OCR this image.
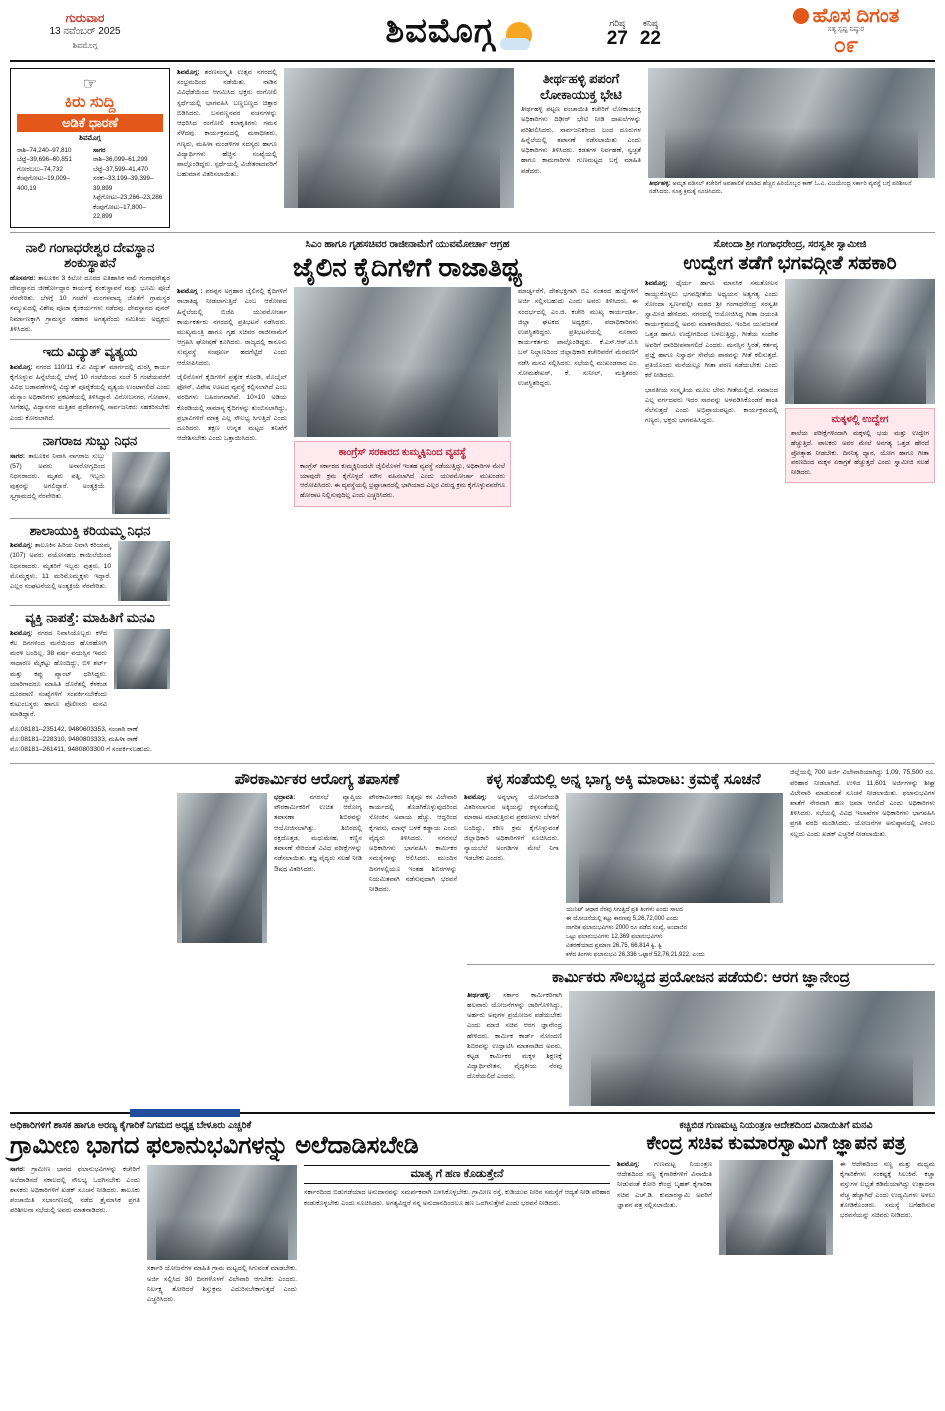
ಗುರುವಾರ
13 ನವೆಂಬರ್ 2025
ಶಿವಮೊಗ್ಗ	ಶಿವಮೊಗ್ಗ	ಗರಿಷ್ಠ
27
ಕನಿಷ್ಠ
22
ಹೊಸ ದಿಗಂತ
ಸತ್ಯ ಸ್ಪಷ್ಟ ನಿಷ್ಠುರ
೦೯
☞
ಕಿರು ಸುದ್ದಿ
ಅಡಿಕೆ ಧಾರಣೆ
ಶಿವಮೊಗ್ಗ
ರಾಶಿ–74,240–97,810
ಬೆಟ್ಟೆ–39,696–60,851
ಗೋರಬಲು–74,732
ಕೆಂಪುಗೋಟು–19,009–400,19
ಸಾಗರ
ರಾಶಿ–36,099–61,299
ಬೆಟ್ಟೆ–37,599–41,470
ಸರಕು–33,199–39,399–39,899
ಸಿಪ್ಪೆಗೋಟು–23,266–23,286
ಕೆಂಪುಗೋಟು–17,800–22,899

ಶಿವಮೊಗ್ಗ: ಶರಣಸಂಸ್ಕೃತಿ ಉತ್ಸವ ನಗರದಲ್ಲಿ ಸಂಭ್ರಮದಿಂದ ನಡೆಯಿತು. ನಾಡಿನ ವಿವಿಧೆಡೆಯಿಂದ ಆಗಮಿಸಿದ ಭಕ್ತರು ರಂಗೋಲಿ ಸ್ಪರ್ಧೆಯಲ್ಲಿ ಭಾಗವಹಿಸಿ ಬಣ್ಣಬಣ್ಣದ ಚಿತ್ತಾರ ಬಿಡಿಸಿದರು. ಬಸವಣ್ಣನವರ ವಚನಗಳನ್ನು ಆಧರಿಸಿದ ರಂಗೋಲಿ ಕಲಾಕೃತಿಗಳು ಗಮನ ಸೆಳೆದವು. ಕಾರ್ಯಕ್ರಮದಲ್ಲಿ ಮಠಾಧೀಶರು, ಗಣ್ಯರು, ಮಹಿಳಾ ಮಂಡಳಿಗಳ ಸದಸ್ಯರು ಹಾಗೂ ವಿದ್ಯಾರ್ಥಿಗಳು ಹೆಚ್ಚಿನ ಸಂಖ್ಯೆಯಲ್ಲಿ ಪಾಲ್ಗೊಂಡಿದ್ದರು. ಸ್ಪರ್ಧೆಯಲ್ಲಿ ವಿಜೇತರಾದವರಿಗೆ ಬಹುಮಾನ ವಿತರಿಸಲಾಯಿತು.

ತೀರ್ಥಹಳ್ಳಿ ಪಪಂಗೆ ಲೋಕಾಯುಕ್ತ ಭೇಟಿ

ತೀರ್ಥಹಳ್ಳಿ ಪಟ್ಟಣ ಪಂಚಾಯಿತಿ ಕಚೇರಿಗೆ ಲೋಕಾಯುಕ್ತ ಅಧಿಕಾರಿಗಳು ದಿಢೀರ್ ಭೇಟಿ ನೀಡಿ ದಾಖಲೆಗಳನ್ನು ಪರಿಶೀಲಿಸಿದರು. ಸಾರ್ವಜನಿಕರಿಂದ ಬಂದ ದೂರುಗಳ ಹಿನ್ನೆಲೆಯಲ್ಲಿ ತಪಾಸಣೆ ನಡೆಸಲಾಯಿತು ಎಂದು ಅಧಿಕಾರಿಗಳು ತಿಳಿಸಿದರು. ಕಡತಗಳ ನಿರ್ವಹಣೆ, ಸ್ವಚ್ಛತೆ ಹಾಗೂ ಕಾಮಗಾರಿಗಳ ಗುಣಮಟ್ಟದ ಬಗ್ಗೆ ಮಾಹಿತಿ ಪಡೆದರು.

ತೀರ್ಥಹಳ್ಳಿ: ಅಮೃತ ಪಡಿಸಲ್ ಕಚೇರಿಗೆ ಅವಹಾಲಿಕೆ ಮಾಡಿದ ಹೆಚ್ಚಿನ ಹಿರಿಯೊಬ್ಬರ ಕಾಣ್ ಓ.ವಿ. ವಿಜಯೇಂದ್ರ ಸರ್ಕಾರಿ ವ್ಯವಸ್ಥೆ ಬಗ್ಗೆ ಪರಿಶೀಲನೆ ನಡೆಸಿದರು. ಸೂಕ್ತ ಕ್ರಮಕ್ಕೆ ಸೂಚಿಸಿದರು.
ನಾಲಿ ಗಂಗಾಧರೇಶ್ವರ ದೇವಸ್ಥಾನ ಶಂಕುಸ್ಥಾಪನೆ

ಹೊಸನಗರ: ತಾಲೂಕಿನ 3 ಕಿಲೋ ದೂರದ ಐತಿಹಾಸಿಕ ನಾಲಿ ಗಂಗಾಧರೇಶ್ವರ ದೇವಸ್ಥಾನದ ಜೀರ್ಣೋದ್ಧಾರ ಕಾರ್ಯಕ್ಕೆ ಶಂಕುಸ್ಥಾಪನೆ ಮತ್ತು ಭೂಮಿ ಪೂಜೆ ನೆರವೇರಿತು. ಬೆಳಗ್ಗೆ 10 ಗಂಟೆಗೆ ಮಂಗಳವಾದ್ಯ ಜೊತೆಗೆ ಗ್ರಾಮಸ್ಥರ ಸಮ್ಮುಖದಲ್ಲಿ ವಿಶೇಷ ಪೂಜಾ ಕೈಂಕರ್ಯಗಳು ನಡೆದವು. ದೇವಸ್ಥಾನದ ಪುನರ್ ನಿರ್ಮಾಣಕ್ಕಾಗಿ ಗ್ರಾಮಸ್ಥರ ಸಹಕಾರ ಅಗತ್ಯವೆಂದು ಸಮಿತಿಯ ಅಧ್ಯಕ್ಷರು ತಿಳಿಸಿದರು.

ಇದು ವಿದ್ಯುತ್ ವ್ಯತ್ಯಯ

ಶಿವಮೊಗ್ಗ: ನಗರದ 110/11 ಕೆ.ವಿ ವಿದ್ಯುತ್ ಮಾರ್ಗದಲ್ಲಿ ದುರಸ್ತಿ ಕಾರ್ಯ ಕೈಗೊಳ್ಳುವ ಹಿನ್ನೆಲೆಯಲ್ಲಿ ಬೆಳಗ್ಗೆ 10 ಗಂಟೆಯಿಂದ ಸಂಜೆ 5 ಗಂಟೆಯವರೆಗೆ ವಿವಿಧ ಬಡಾವಣೆಗಳಲ್ಲಿ ವಿದ್ಯುತ್ ಪೂರೈಕೆಯಲ್ಲಿ ವ್ಯತ್ಯಯ ಉಂಟಾಗಲಿದೆ ಎಂದು ಮೆಸ್ಕಾಂ ಅಧಿಕಾರಿಗಳು ಪ್ರಕಟಣೆಯಲ್ಲಿ ತಿಳಿಸಿದ್ದಾರೆ. ವಿನೋಬನಗರ, ಗೋಪಾಳ, ಸೀಗೆಹಟ್ಟಿ, ವಿದ್ಯಾನಗರ ಮತ್ತಿತರ ಪ್ರದೇಶಗಳಲ್ಲಿ ಸಾರ್ವಜನಿಕರು ಸಹಕರಿಸಬೇಕು ಎಂದು ಕೋರಲಾಗಿದೆ.

ನಾಗರಾಜ ಸುಬ್ಬು ನಿಧನ

ಸಾಗರ: ತಾಲೂಕಿನ ನಿವಾಸಿ ನಾಗರಾಜ ಸುಬ್ಬು (57) ಅವರು ಅನಾರೋಗ್ಯದಿಂದ ನಿಧನರಾದರು. ಮೃತರು ಪತ್ನಿ, ಇಬ್ಬರು ಪುತ್ರರನ್ನು ಅಗಲಿದ್ದಾರೆ. ಅಂತ್ಯಕ್ರಿಯೆ ಸ್ವಗ್ರಾಮದಲ್ಲಿ ನೆರವೇರಿತು.

ಶಾಲಾಯುಕ್ತಿ ಕರಿಯಮ್ಮ ನಿಧನ

ಶಿವಮೊಗ್ಗ: ತಾಲೂಕಿನ ಹಿರಿಯ ನಿವಾಸಿ ಕರಿಯಮ್ಮ (107) ಅವರು ವಯೋಸಹಜ ಕಾಯಿಲೆಯಿಂದ ನಿಧನರಾದರು. ಮೃತರಿಗೆ ಇಬ್ಬರು ಪುತ್ರರು, 10 ಮೊಮ್ಮಕ್ಕಳು, 11 ಮರಿಮೊಮ್ಮಕ್ಕಳು ಇದ್ದಾರೆ. ಎಲ್ಲರ ಸಂಘಟನೆಯಲ್ಲಿ ಅಂತ್ಯಕ್ರಿಯೆ ನೆರವೇರಿತು.

ವ್ಯಕ್ತಿ ನಾಪತ್ತೆ: ಮಾಹಿತಿಗೆ ಮನವಿ

ಶಿವಮೊಗ್ಗ: ನಗರದ ನಿವಾಸಿಯೊಬ್ಬರು ಕಳೆದ ಕೆಲ ದಿನಗಳಿಂದ ಮನೆಯಿಂದ ಹೊರಹೋಗಿ ಮರಳಿ ಬಂದಿಲ್ಲ. 38 ವರ್ಷ ವಯಸ್ಸಿನ ಇವರು ಸಾಧಾರಣ ಮೈಕಟ್ಟು ಹೊಂದಿದ್ದು, ಬಿಳಿ ಶರ್ಟ್ ಮತ್ತು ಕಪ್ಪು ಪ್ಯಾಂಟ್ ಧರಿಸಿದ್ದರು. ಯಾರಿಗಾದರೂ ಮಾಹಿತಿ ದೊರೆತಲ್ಲಿ ಕೆಳಕಂಡ ದೂರವಾಣಿ ಸಂಖ್ಯೆಗಳಿಗೆ ಸಂಪರ್ಕಿಸಬೇಕೆಂದು ಕುಟುಂಬಸ್ಥರು ಹಾಗೂ ಪೊಲೀಸರು ಮನವಿ ಮಾಡಿದ್ದಾರೆ.

ಮೊ:08181–235142, 9480603353, ಸಂಚಾರಿ ಠಾಣೆ
ಮೊ:08181–228310, 9480803333, ಮಹಿಳಾ ಠಾಣೆ
ಮೊ:08181–261411, 9480803300 ಗೆ ಸಂಪರ್ಕಿಸಬಹುದು.

ಸಿಎಂ ಹಾಗೂ ಗೃಹಸಚಿವರ ರಾಜೀನಾಮೆಗೆ ಯುವಮೋರ್ಚಾ ಆಗ್ರಹ
ಜೈಲಿನ ಕೈದಿಗಳಿಗೆ ರಾಜಾತಿಥ್ಯ

ಶಿವಮೊಗ್ಗ : ಪರಪ್ಪನ ಅಗ್ರಹಾರ ಜೈಲಿನಲ್ಲಿ ಕೈದಿಗಳಿಗೆ ರಾಜಾತಿಥ್ಯ ನೀಡಲಾಗುತ್ತಿದೆ ಎಂಬ ಆರೋಪದ ಹಿನ್ನೆಲೆಯಲ್ಲಿ ಬಿಜೆಪಿ ಯುವಮೋರ್ಚಾ ಕಾರ್ಯಕರ್ತರು ನಗರದಲ್ಲಿ ಪ್ರತಿಭಟನೆ ನಡೆಸಿದರು. ಮುಖ್ಯಮಂತ್ರಿ ಹಾಗೂ ಗೃಹ ಸಚಿವರ ರಾಜೀನಾಮೆಗೆ ಆಗ್ರಹಿಸಿ ಘೋಷಣೆ ಕೂಗಿದರು. ರಾಜ್ಯದಲ್ಲಿ ಕಾನೂನು ಸುವ್ಯವಸ್ಥೆ ಸಂಪೂರ್ಣ ಹದಗೆಟ್ಟಿದೆ ಎಂದು ಆರೋಪಿಸಿದರು.

ಜೈಲಿನೊಳಗೆ ಕೈದಿಗಳಿಗೆ ಪ್ರತ್ಯೇಕ ಕೊಠಡಿ, ಮೊಬೈಲ್ ಫೋನ್, ವಿಶೇಷ ಊಟದ ವ್ಯವಸ್ಥೆ ಕಲ್ಪಿಸಲಾಗಿದೆ ಎಂಬ ವರದಿಗಳು ಬಹಿರಂಗವಾಗಿವೆ. 10×10 ಅಡಿಯ ಕೊಠಡಿಯಲ್ಲಿ ಸಾಮಾನ್ಯ ಕೈದಿಗಳನ್ನು ತುಂಬಿಸಲಾಗಿದ್ದು, ಪ್ರಭಾವಿಗಳಿಗೆ ಮಾತ್ರ ಎಲ್ಲ ಸೌಲಭ್ಯ ಸಿಗುತ್ತಿದೆ ಎಂದು ದೂರಿದರು. ತಕ್ಷಣ ಉನ್ನತ ಮಟ್ಟದ ತನಿಖೆಗೆ ಆದೇಶಿಸಬೇಕು ಎಂದು ಒತ್ತಾಯಿಸಿದರು.

ಕಾಂಗ್ರೆಸ್ ಸರಕಾರದ ಕುಮ್ಮಕ್ಕಿನಿಂದ ವ್ಯವಸ್ಥೆ

ಕಾಂಗ್ರೆಸ್ ಸರ್ಕಾರದ ಕುಮ್ಮಕ್ಕಿನಿಂದಲೇ ಜೈಲಿನೊಳಗೆ ಇಂತಹ ವ್ಯವಸ್ಥೆ ನಡೆಯುತ್ತಿದ್ದು, ಅಧಿಕಾರಿಗಳ ಮೇಲೆ ಯಾವುದೇ ಕ್ರಮ ಕೈಗೊಳ್ಳದೆ ಮೌನ ವಹಿಸಲಾಗಿದೆ ಎಂದು ಯುವಮೋರ್ಚಾ ಮುಖಂಡರು ಆರೋಪಿಸಿದರು. ಈ ವ್ಯವಸ್ಥೆಯಲ್ಲಿ ಭ್ರಷ್ಟಾಚಾರದಲ್ಲಿ ಭಾಗಿಯಾದ ಎಲ್ಲರ ವಿರುದ್ಧ ಕ್ರಮ ಕೈಗೊಳ್ಳುವವರೆಗೂ ಹೋರಾಟ ನಿಲ್ಲಿಸುವುದಿಲ್ಲ ಎಂದು ಎಚ್ಚರಿಸಿದರು.

ಮಾರ್ಚ್ವರೆಗೆ, ದೇಶಭಕ್ತಿಗಾಗಿ ಬಿಎ ನಂತರದ ಹುದ್ದೆಗಳಿಗೆ ಅರ್ಜಿ ಸಲ್ಲಿಸಬಹುದು ಎಂದು ಅವರು ತಿಳಿಸಿದರು. ಈ ಸಂದರ್ಭದಲ್ಲಿ ಎಂ.ಜಿ. ಕಚೇರಿ ಮುಖ್ಯ ಕಾರ್ಯದರ್ಶಿ, ಜಿಲ್ಲಾ ಘಟಕದ ಅಧ್ಯಕ್ಷರು, ಪದಾಧಿಕಾರಿಗಳು ಉಪಸ್ಥಿತರಿದ್ದರು. ಪ್ರತಿಭಟನೆಯಲ್ಲಿ ನೂರಾರು ಕಾರ್ಯಕರ್ತರು ಪಾಲ್ಗೊಂಡಿದ್ದರು. ಕೆ.ಎಸ್.ಆರ್.ಟಿ.ಸಿ ಬಸ್ ನಿಲ್ದಾಣದಿಂದ ಜಿಲ್ಲಾಧಿಕಾರಿ ಕಚೇರಿವರೆಗೆ ಮೆರವಣಿಗೆ ನಡೆಸಿ ಮನವಿ ಸಲ್ಲಿಸಿದರು. ಸಭೆಯಲ್ಲಿ ಮುಖಂಡರಾದ ಎಂ. ಸೋಮಶೇಖರ್, ಕೆ. ಸುನೀಲ್, ಮತ್ತಿತರರು ಉಪಸ್ಥಿತರಿದ್ದರು.

ಸೋಂದಾ ಶ್ರೀ ಗಂಗಾಧರೇಂದ್ರ, ಸರಸ್ವತೀ ಸ್ವಾಮೀಜಿ
ಉದ್ವೇಗ ತಡೆಗೆ ಭಗವದ್ಗೀತೆ ಸಹಕಾರಿ

ಶಿವಮೊಗ್ಗ: ಧೈರ್ಯ ಹಾಗೂ ಮಾನಸಿಕ ಸಮತೋಲನ ಕಾಯ್ದುಕೊಳ್ಳಲು ಭಗವದ್ಗೀತೆಯ ಅಧ್ಯಯನ ಅತ್ಯಗತ್ಯ ಎಂದು ಸೋಂದಾ ಸ್ವರ್ಣವಲ್ಲೀ ಮಠದ ಶ್ರೀ ಗಂಗಾಧರೇಂದ್ರ ಸರಸ್ವತೀ ಸ್ವಾಮೀಜಿ ಹೇಳಿದರು. ನಗರದಲ್ಲಿ ಆಯೋಜಿಸಿದ್ದ ಗೀತಾ ಜಯಂತಿ ಕಾರ್ಯಕ್ರಮದಲ್ಲಿ ಅವರು ಮಾತನಾಡಿದರು. ಇಂದಿನ ಯುವಜನತೆ ಒತ್ತಡ ಹಾಗೂ ಉದ್ವೇಗದಿಂದ ಬಳಲುತ್ತಿದ್ದು, ಗೀತೆಯ ಸಂದೇಶ ಅವರಿಗೆ ದಾರಿದೀಪವಾಗಲಿದೆ ಎಂದರು. ಮನಸ್ಸಿನ ಸ್ಥಿರತೆ, ಕರ್ತವ್ಯ ಪ್ರಜ್ಞೆ ಹಾಗೂ ನಿಸ್ವಾರ್ಥ ಸೇವೆಯ ಪಾಠವನ್ನು ಗೀತೆ ಕಲಿಸುತ್ತದೆ. ಪ್ರತಿಯೊಂದು ಮನೆಯಲ್ಲೂ ಗೀತಾ ಪಠಣ ನಡೆಯಬೇಕು ಎಂದು ಕರೆ ನೀಡಿದರು.

ಭಾರತೀಯ ಸಂಸ್ಕೃತಿಯ ಮೂಲ ಬೇರು ಗೀತೆಯಲ್ಲಿದೆ. ಸಮಾಜದ ಎಲ್ಲ ವರ್ಗದವರು ಇದರ ಸಾರವನ್ನು ಅಳವಡಿಸಿಕೊಂಡರೆ ಶಾಂತಿ ನೆಲೆಸುತ್ತದೆ ಎಂದು ಅಭಿಪ್ರಾಯಪಟ್ಟರು. ಕಾರ್ಯಕ್ರಮದಲ್ಲಿ ಗಣ್ಯರು, ಭಕ್ತರು ಭಾಗವಹಿಸಿದ್ದರು.	ಮಕ್ಕಳಲ್ಲಿ ಉದ್ವೇಗ

ಶಾಲೆಯ ಪರೀಕ್ಷೆಗಳಿಂದಾಗಿ ಮಕ್ಕಳಲ್ಲಿ ಭಯ ಮತ್ತು ಉದ್ವೇಗ ಹೆಚ್ಚುತ್ತಿದೆ. ಪಾಲಕರು ಅವರ ಮೇಲೆ ಅನಗತ್ಯ ಒತ್ತಡ ಹೇರದೆ ಪ್ರೋತ್ಸಾಹ ನೀಡಬೇಕು. ದಿನನಿತ್ಯ ಧ್ಯಾನ, ಯೋಗ ಹಾಗೂ ಗೀತಾ ಪಠಣದಿಂದ ಮಕ್ಕಳ ಏಕಾಗ್ರತೆ ಹೆಚ್ಚುತ್ತದೆ ಎಂದು ಸ್ವಾಮೀಜಿ ಸಲಹೆ ನೀಡಿದರು.

ಪೌರಕಾರ್ಮಿಕರ ಆರೋಗ್ಯ ತಪಾಸಣೆ

ಭದ್ರಾವತಿ: ನಗರಸಭೆ ವ್ಯಾಪ್ತಿಯ ಪೌರಕಾರ್ಮಿಕರಿಗೆ ಉಚಿತ ಆರೋಗ್ಯ ತಪಾಸಣಾ ಶಿಬಿರವನ್ನು ಆಯೋಜಿಸಲಾಗಿತ್ತು. ಶಿಬಿರದಲ್ಲಿ ರಕ್ತದೊತ್ತಡ, ಮಧುಮೇಹ, ಕಣ್ಣಿನ ತಪಾಸಣೆ ಸೇರಿದಂತೆ ವಿವಿಧ ಪರೀಕ್ಷೆಗಳನ್ನು ನಡೆಸಲಾಯಿತು. ತಜ್ಞ ವೈದ್ಯರು ಸಲಹೆ ನೀಡಿ ಔಷಧ ವಿತರಿಸಿದರು.

ಪೌರಕಾರ್ಮಿಕರು ನಿತ್ಯವೂ ಕಸ ವಿಲೇವಾರಿ ಕಾರ್ಯದಲ್ಲಿ ತೊಡಗಿಕೊಳ್ಳುವುದರಿಂದ ಸೋಂಕಿನ ಅಪಾಯ ಹೆಚ್ಚು. ಆದ್ದರಿಂದ ಕೈಗವಸು, ಮಾಸ್ಕ್ ಬಳಕೆ ಕಡ್ಡಾಯ ಎಂದು ವೈದ್ಯರು ತಿಳಿಸಿದರು. ನಗರಸಭೆ ಅಧಿಕಾರಿಗಳು ಭಾಗವಹಿಸಿ ಕಾರ್ಮಿಕರ ಸಮಸ್ಯೆಗಳನ್ನು ಆಲಿಸಿದರು. ಮುಂದಿನ ದಿನಗಳಲ್ಲಿಯೂ ಇಂತಹ ಶಿಬಿರಗಳನ್ನು ನಿಯಮಿತವಾಗಿ ನಡೆಸುವುದಾಗಿ ಭರವಸೆ ನೀಡಿದರು.

ಕಳ್ಳ ಸಂತೆಯಲ್ಲಿ ಅನ್ನ ಭಾಗ್ಯ ಅಕ್ಕಿ ಮಾರಾಟ: ಕ್ರಮಕ್ಕೆ ಸೂಚನೆ

ಶಿವಮೊಗ್ಗ: ಅನ್ನಭಾಗ್ಯ ಯೋಜನೆಯಡಿ ವಿತರಿಸಲಾಗುವ ಅಕ್ಕಿಯನ್ನು ಕಳ್ಳಸಂತೆಯಲ್ಲಿ ಮಾರಾಟ ಮಾಡುತ್ತಿರುವ ಪ್ರಕರಣಗಳು ಬೆಳಕಿಗೆ ಬಂದಿದ್ದು, ಕಠಿಣ ಕ್ರಮ ಕೈಗೊಳ್ಳುವಂತೆ ಜಿಲ್ಲಾಧಿಕಾರಿ ಅಧಿಕಾರಿಗಳಿಗೆ ಸೂಚಿಸಿದರು. ನ್ಯಾಯಬೆಲೆ ಅಂಗಡಿಗಳ ಮೇಲೆ ನಿಗಾ ಇಡಬೇಕು ಎಂದರು.

ಯುನಿಟ್ ಆಧಾರ ನೆರವು ಸಿಗುತ್ತಿದೆ ಪ್ರತಿ ತಿಂಗಳು ಎಂದು ಸಾಲದ
ಈ ಯೋಜನೆಯಲ್ಲಿ ಕಟ್ಟು ಕಾರಣವು 5,26,72,000 ಎಂದು
ನಾಗರಿಕ ಫಲಾನುಭವಿಗಳು 2000 ರೂ ಪಡೆದ ಸಂಖ್ಯೆ, ಅಂದಾಜಿನ
ಒಟ್ಟು ಫಲಾನುಭವಿಗಳು 12,369 ಫಲಾನುಭವಿಗಳು
ವಿತರಣೆಯಾದ ಪ್ರಮಾಣ 26,75, 66,814 ಕ್ವಿ. ಕ್ವಿ
ಕಳೆದ ತಿಂಗಳು ಫಲಾನುಭವಿ 26,336 ಒಟ್ಟಾರೆ 52,76,21,922, ಎಂದು

ಜಿಲ್ಲೆಯಲ್ಲಿ 700 ಅರ್ಜಿ ವಿಲೇವಾರಿಯಾಗಿದ್ದು 1,09, 75,500 ರೂ. ಪರಿಹಾರ ನೀಡಲಾಗಿದೆ. ಉಳಿದ 11,601 ಅರ್ಜಿಗಳನ್ನು ಶೀಘ್ರ ವಿಲೇವಾರಿ ಮಾಡುವಂತೆ ಸೂಚನೆ ನೀಡಲಾಯಿತು. ಫಲಾನುಭವಿಗಳ ಖಾತೆಗೆ ನೇರವಾಗಿ ಹಣ ಜಮಾ ಆಗಲಿದೆ ಎಂದು ಅಧಿಕಾರಿಗಳು ತಿಳಿಸಿದರು. ಸಭೆಯಲ್ಲಿ ವಿವಿಧ ಇಲಾಖೆಗಳ ಅಧಿಕಾರಿಗಳು ಭಾಗವಹಿಸಿ ಪ್ರಗತಿ ವರದಿ ಮಂಡಿಸಿದರು. ಯೋಜನೆಗಳ ಅನುಷ್ಠಾನದಲ್ಲಿ ವಿಳಂಬ ಸಲ್ಲದು ಎಂದು ಖಡಕ್ ಎಚ್ಚರಿಕೆ ನೀಡಲಾಯಿತು.

ಕಾರ್ಮಿಕರು ಸೌಲಭ್ಯದ ಪ್ರಯೋಜನ ಪಡೆಯಲಿ: ಆರಗ ಜ್ಞಾನೇಂದ್ರ

ತೀರ್ಥಹಳ್ಳಿ: ಸರ್ಕಾರ ಕಾರ್ಮಿಕರಿಗಾಗಿ ಹಲವಾರು ಯೋಜನೆಗಳನ್ನು ಜಾರಿಗೊಳಿಸಿದ್ದು, ಅರ್ಹರು ಅವುಗಳ ಪ್ರಯೋಜನ ಪಡೆಯಬೇಕು ಎಂದು ಮಾಜಿ ಸಚಿವ ಆರಗ ಜ್ಞಾನೇಂದ್ರ ಹೇಳಿದರು. ಕಾರ್ಮಿಕ ಕಾರ್ಡ್ ನೋಂದಣಿ ಶಿಬಿರವನ್ನು ಉದ್ಘಾಟಿಸಿ ಮಾತನಾಡಿದ ಅವರು, ಕಟ್ಟಡ ಕಾರ್ಮಿಕರ ಮಕ್ಕಳ ಶಿಕ್ಷಣಕ್ಕೆ ವಿದ್ಯಾರ್ಥಿವೇತನ, ವೈದ್ಯಕೀಯ ನೆರವು ದೊರೆಯಲಿದೆ ಎಂದರು.

ಅಧಿಕಾರಿಗಳಿಗೆ ಶಾಸಕ ಹಾಗೂ ಅರಣ್ಯ ಕೈಗಾರಿಕೆ ನಿಗಮದ ಅಧ್ಯಕ್ಷ ಬೇಳೂರು ಎಚ್ಚರಿಕೆ
ಗ್ರಾಮೀಣ ಭಾಗದ ಫಲಾನುಭವಿಗಳನ್ನು ಅಲೆದಾಡಿಸಬೇಡಿ

ಸಾಗರ: ಗ್ರಾಮೀಣ ಭಾಗದ ಫಲಾನುಭವಿಗಳನ್ನು ಕಚೇರಿಗೆ ಅಲೆದಾಡಿಸದೆ ಸಕಾಲದಲ್ಲಿ ಸೌಲಭ್ಯ ಒದಗಿಸಬೇಕು ಎಂದು ಶಾಸಕರು ಅಧಿಕಾರಿಗಳಿಗೆ ಖಡಕ್ ಸೂಚನೆ ನೀಡಿದರು. ತಾಲೂಕು ಪಂಚಾಯಿತಿ ಸಭಾಂಗಣದಲ್ಲಿ ನಡೆದ ತ್ರೈಮಾಸಿಕ ಪ್ರಗತಿ ಪರಿಶೀಲನಾ ಸಭೆಯಲ್ಲಿ ಅವರು ಮಾತನಾಡಿದರು.

ಸರ್ಕಾರಿ ಯೋಜನೆಗಳ ಮಾಹಿತಿ ಗ್ರಾಮ ಮಟ್ಟದಲ್ಲಿ ಸಿಗುವಂತೆ ಮಾಡಬೇಕು. ಅರ್ಜಿ ಸಲ್ಲಿಸಿದ 30 ದಿನಗಳೊಳಗೆ ವಿಲೇವಾರಿ ಆಗಬೇಕು ಎಂದರು. ನಿರ್ಲಕ್ಷ್ಯ ತೋರಿದರೆ ಶಿಸ್ತುಕ್ರಮ ಎದುರಿಸಬೇಕಾಗುತ್ತದೆ ಎಂದು ಎಚ್ಚರಿಸಿದರು.

ಮಾತೃ ಗೆ ಹಣ ಕೊಡುತ್ತೇನೆ

ಸರ್ಕಾರದಿಂದ ಬಿಡುಗಡೆಯಾದ ಅನುದಾನವನ್ನು ಸಮರ್ಪಕವಾಗಿ ಬಳಸಿಕೊಳ್ಳಬೇಕು. ಗ್ರಾಮೀಣ ರಸ್ತೆ, ಕುಡಿಯುವ ನೀರಿನ ಸಮಸ್ಯೆಗೆ ಆದ್ಯತೆ ನೀಡಿ ಪರಿಹಾರ ಕಂಡುಕೊಳ್ಳಬೇಕು ಎಂದು ಸೂಚಿಸಿದರು. ಅಗತ್ಯವಿದ್ದರೆ ನನ್ನ ಅನುದಾನದಿಂದಲೂ ಹಣ ಒದಗಿಸುತ್ತೇನೆ ಎಂದು ಭರವಸೆ ನೀಡಿದರು.

ಕಚ್ಚಿಬಿಡ ಗುಣಮಟ್ಟ ನಿಯಂತ್ರಣ ಆದೇಶದಿಂದ ವಿನಾಯಿತಿಗೆ ಮನವಿ
ಕೇಂದ್ರ ಸಚಿವ ಕುಮಾರಸ್ವಾಮಿಗೆ ಜ್ಞಾಪನ ಪತ್ರ

ಶಿವಮೊಗ್ಗ: ಗುಣಮಟ್ಟ ನಿಯಂತ್ರಣ ಆದೇಶದಿಂದ ಸಣ್ಣ ಕೈಗಾರಿಕೆಗಳಿಗೆ ವಿನಾಯಿತಿ ನೀಡುವಂತೆ ಕೋರಿ ಕೇಂದ್ರ ಬೃಹತ್ ಕೈಗಾರಿಕಾ ಸಚಿವ ಎಚ್.ಡಿ. ಕುಮಾರಸ್ವಾಮಿ ಅವರಿಗೆ ಜ್ಞಾಪನ ಪತ್ರ ಸಲ್ಲಿಸಲಾಯಿತು.

ಈ ಆದೇಶದಿಂದ ಸಣ್ಣ ಮತ್ತು ಮಧ್ಯಮ ಕೈಗಾರಿಕೆಗಳು ಸಂಕಷ್ಟಕ್ಕೆ ಸಿಲುಕಿವೆ. ಕಚ್ಚಾ ವಸ್ತುಗಳ ಲಭ್ಯತೆ ಕಡಿಮೆಯಾಗಿದ್ದು ಉತ್ಪಾದನಾ ವೆಚ್ಚ ಹೆಚ್ಚಾಗಿದೆ ಎಂದು ಉದ್ಯಮಿಗಳು ಅಳಲು ತೋಡಿಕೊಂಡರು. ಸಮಸ್ಯೆ ಬಗೆಹರಿಸುವ ಭರವಸೆಯನ್ನು ಸಚಿವರು ನೀಡಿದರು.
